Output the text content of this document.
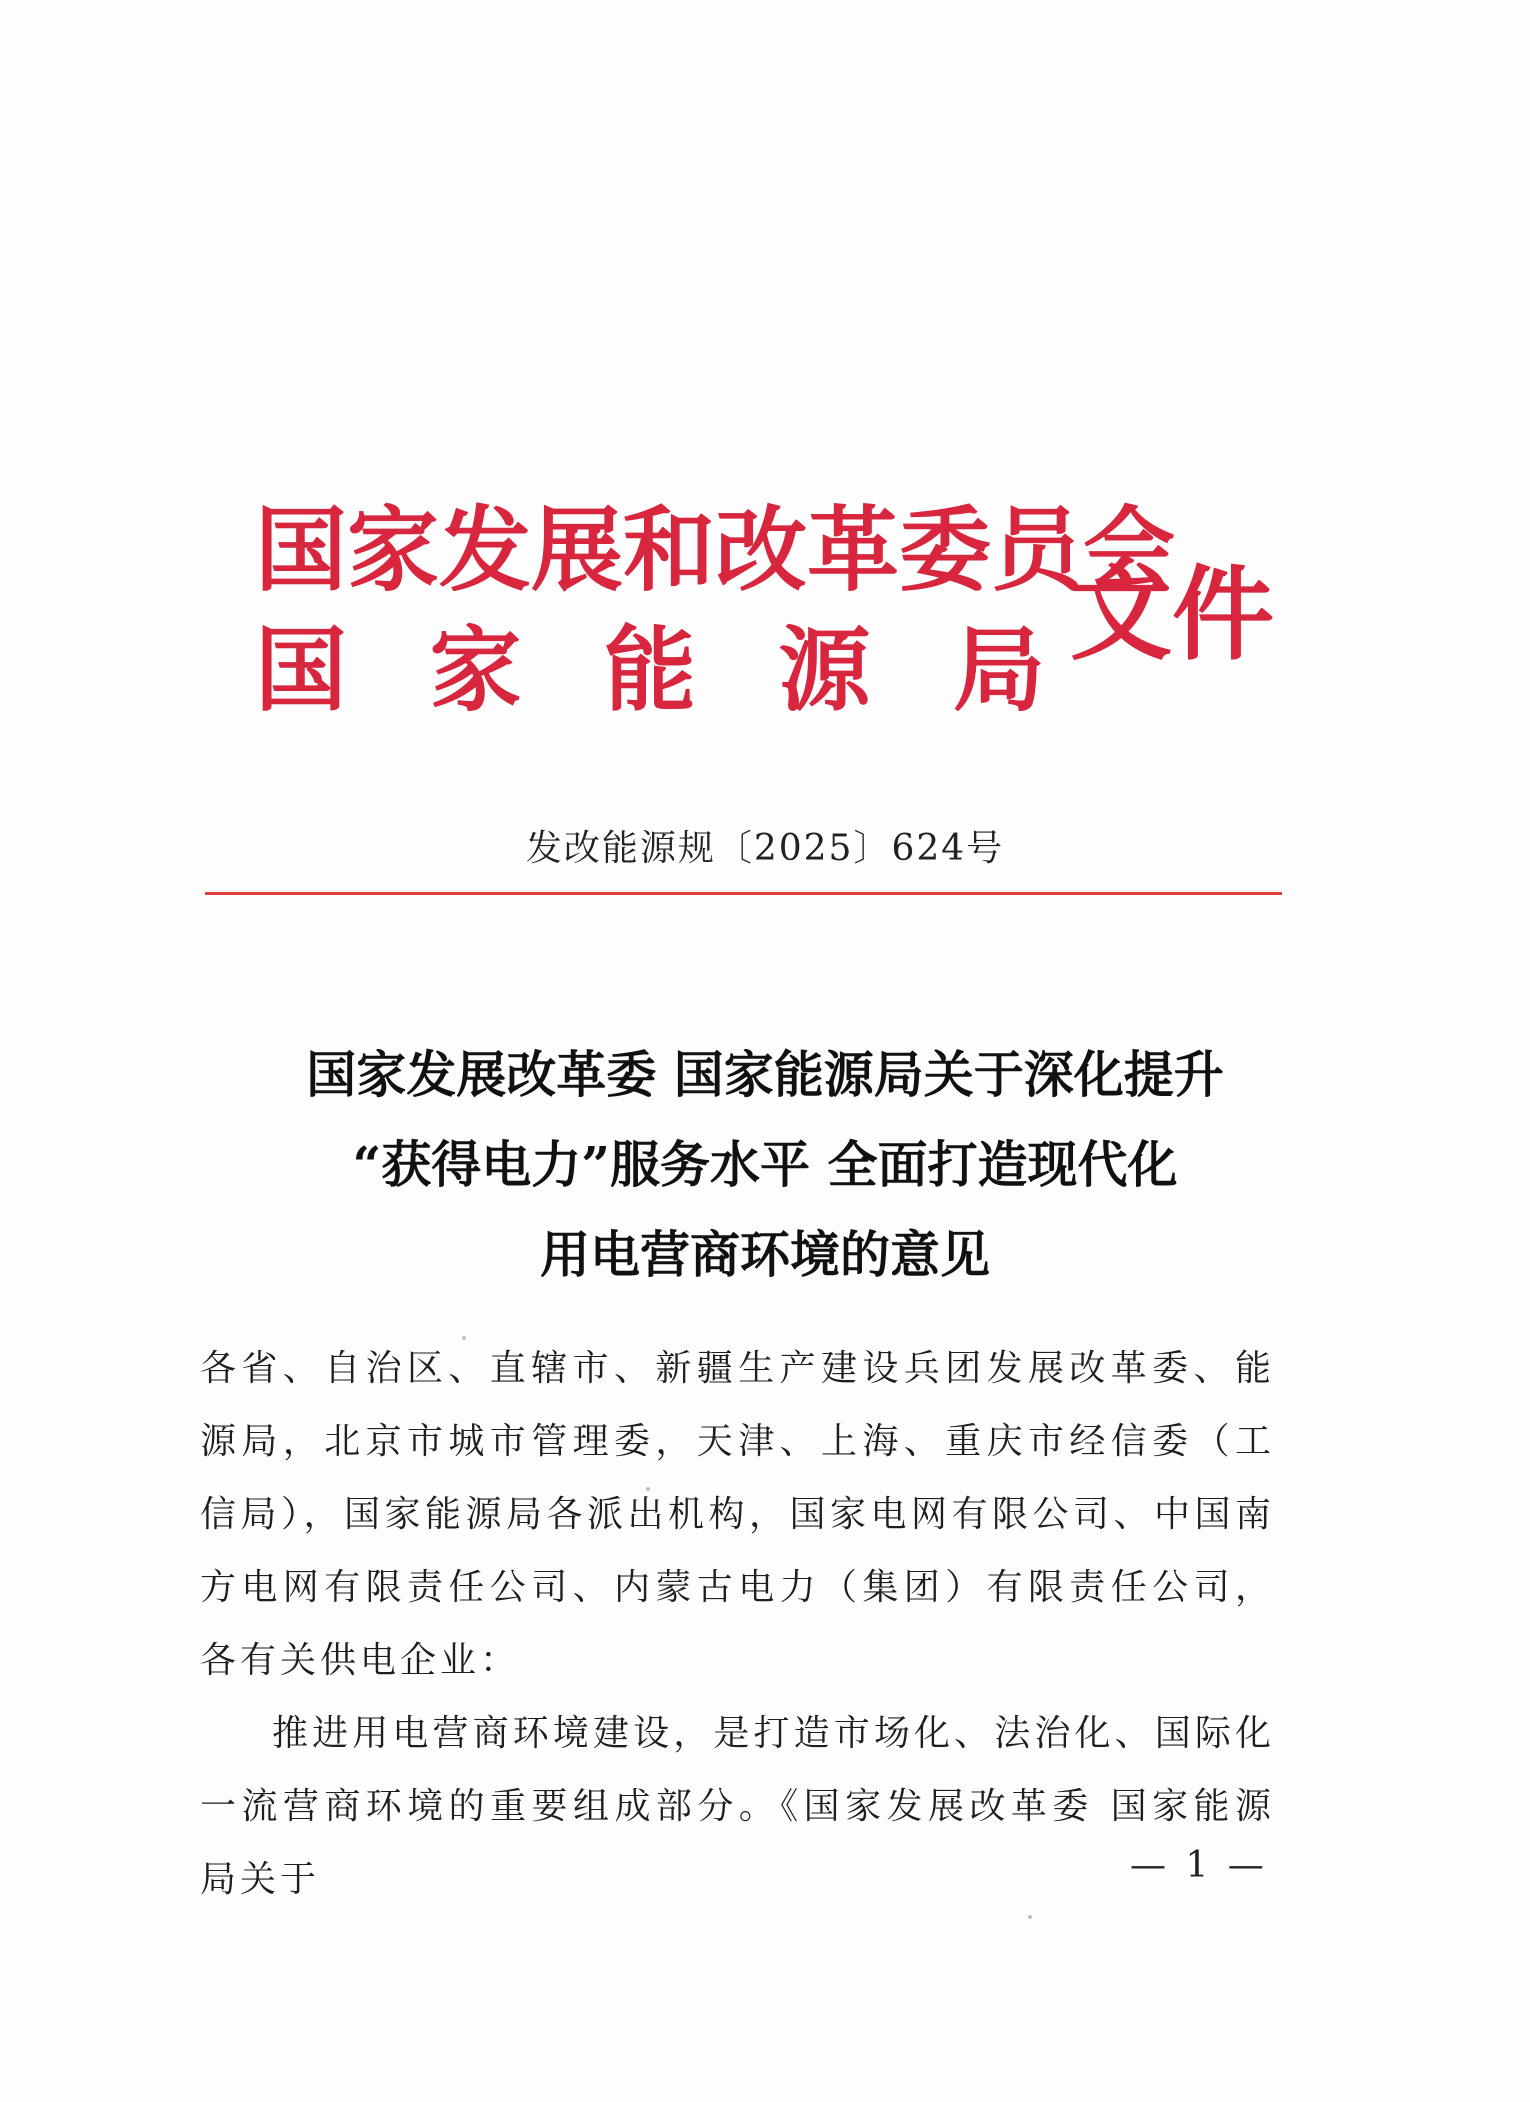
国家发展和改革委员会
国 家 能 源 局 文件
发改能源规〔2025〕624号
国家发展改革委 国家能源局关于深化提升
“获得电力”服务水平 全面打造现代化
用电营商环境的意见

各省、自治区、直辖市、新疆生产建设兵团发展改革委、能源局，北京市城市管理委，天津、上海、重庆市经信委（工信局），国家能源局各派出机构，国家电网有限公司、中国南方电网有限责任公司、内蒙古电力（集团）有限责任公司，各有关供电企业：

推进用电营商环境建设，是打造市场化、法治化、国际化一流营商环境的重要组成部分。《国家发展改革委 国家能源局关于	— 1 —
